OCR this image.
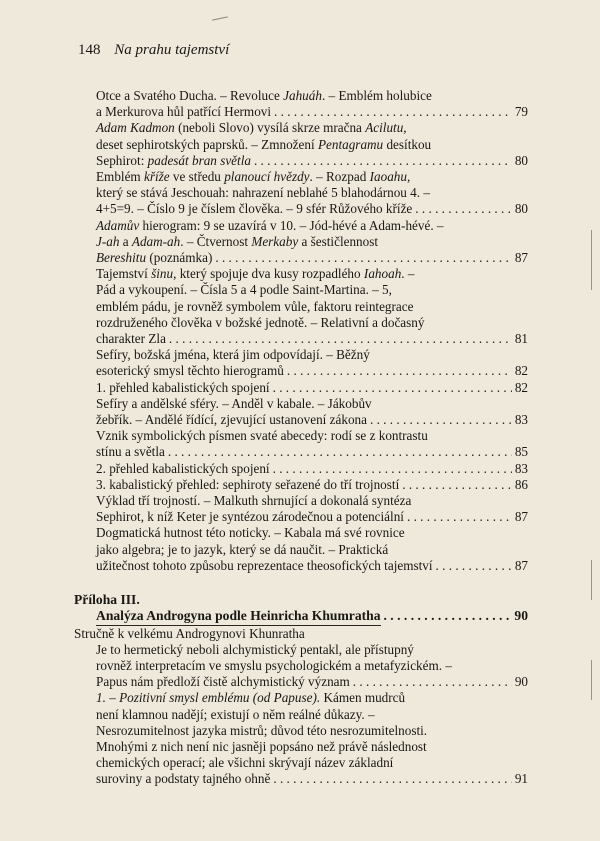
148 Na prahu tajemství
Otce a Svatého Ducha. – Revoluce Jahuáh. – Emblém holubice
a Merkurova hůl patřící Hermovi . . .	79
Adam Kadmon (neboli Slovo) vysílá skrze mračna Acilutu,
deset sephirotských paprsků. – Zmnožení Pentagramu desítkou
Sephirot: padesát bran světla . . .	80
Emblém kříže ve středu planoucí hvězdy. – Rozpad Iaoahu,
který se stává Jeschouah: nahrazení neblahé 5 blahodárnou 4. –
4+5=9. – Číslo 9 je číslem člověka. – 9 sfér Růžového kříže . . .	80
Adamův hierogram: 9 se uzavírá v 10. – Jód-hévé a Adam-hévé. –
J-ah a Adam-ah. – Čtvernost Merkaby a šestičlennost
Bereshitu (poznámka) . . .	87
Tajemství šinu, který spojuje dva kusy rozpadlého Iahoah. –
Pád a vykoupení. – Čísla 5 a 4 podle Saint-Martina. – 5,
emblém pádu, je rovněž symbolem vůle, faktoru reintegrace
rozdruženého člověka v božské jednotě. – Relativní a dočasný
charakter Zla . . .	81
Sefíry, božská jména, která jim odpovídají. – Běžný
esoterický smysl těchto hierogramů . . .	82
1. přehled kabalistických spojení . . .	82
Sefíry a andělské sféry. – Anděl v kabale. – Jákobův
žebřík. – Andělé řídící, zjevující ustanovení zákona . . .	83
Vznik symbolických písmen svaté abecedy: rodí se z kontrastu
stínu a světla . . .	85
2. přehled kabalistických spojení . . .	83
3. kabalistický přehled: sephiroty seřazené do tří trojností . . .	86
Výklad tří trojností. – Malkuth shrnující a dokonalá syntéza
Sephirot, k níž Keter je syntézou zárodečnou a potenciální . . .	87
Dogmatická hutnost této noticky. – Kabala má své rovnice
jako algebra; je to jazyk, který se dá naučit. – Praktická
užitečnost tohoto způsobu reprezentace theosofických tajemství . . .	87
Příloha III.
Analýza Androgyna podle Heinricha Khumratha . . .	90
Stručně k velkému Androgynovi Khunratha
Je to hermetický neboli alchymistický pentakl, ale přístupný
rovněž interpretacím ve smyslu psychologickém a metafyzickém. –
Papus nám předloží čistě alchymistický význam . . .	90
1. – Pozitivní smysl emblému (od Papuse). Kámen mudrců
není klamnou nadějí; existují o něm reálné důkazy. –
Nesrozumitelnost jazyka mistrů; důvod této nesrozumitelnosti.
Mnohými z nich není nic jasněji popsáno než právě následnost
chemických operací; ale všichni skrývají název základní
suroviny a podstaty tajného ohně . . .	91
